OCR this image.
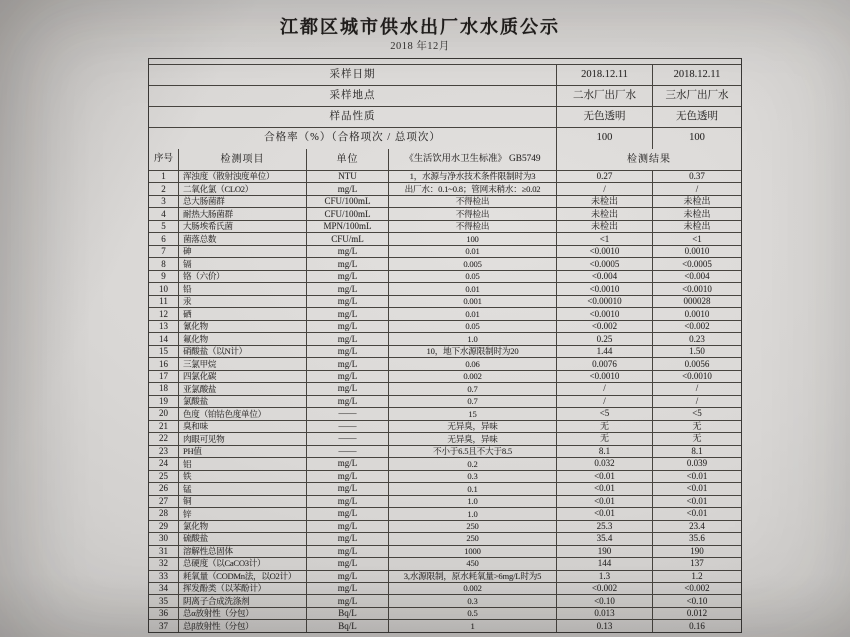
江都区城市供水出厂水水质公示
2018 年12月
采样日期	2018.12.11	2018.12.11
采样地点	二水厂出厂水	三水厂出厂水
样品性质	无色透明	无色透明
合格率（%）（合格项次 / 总项次）	100	100
序号	检测项目	单位	《生活饮用水卫生标准》 GB5749	检测结果
1	浑浊度（散射浊度单位）	NTU	1，水源与净水技术条件限制时为3	0.27	0.37
2	二氧化氯（CLO2）	mg/L	出厂水：0.1~0.8；管网末稍水：≥0.02	/	/
3	总大肠菌群	CFU/100mL	不得检出	未检出	未检出
4	耐热大肠菌群	CFU/100mL	不得检出	未检出	未检出
5	大肠埃希氏菌	MPN/100mL	不得检出	未检出	未检出
6	菌落总数	CFU/mL	100	<1	<1
7	砷	mg/L	0.01	<0.0010	0.0010
8	镉	mg/L	0.005	<0.0005	<0.0005
9	铬（六价）	mg/L	0.05	<0.004	<0.004
10	铅	mg/L	0.01	<0.0010	<0.0010
11	汞	mg/L	0.001	<0.00010	000028
12	硒	mg/L	0.01	<0.0010	0.0010
13	氰化物	mg/L	0.05	<0.002	<0.002
14	氟化物	mg/L	1.0	0.25	0.23
15	硝酸盐（以N计）	mg/L	10，地下水源限制时为20	1.44	1.50
16	三氯甲烷	mg/L	0.06	0.0076	0.0056
17	四氯化碳	mg/L	0.002	<0.0010	<0.0010
18	亚氯酸盐	mg/L	0.7	/	/
19	氯酸盐	mg/L	0.7	/	/
20	色度（铂钴色度单位）	——	15	<5	<5
21	臭和味	——	无异臭，异味	无	无
22	肉眼可见物	——	无异臭，异味	无	无
23	PH值	——	不小于6.5且不大于8.5	8.1	8.1
24	铝	mg/L	0.2	0.032	0.039
25	铁	mg/L	0.3	<0.01	<0.01
26	锰	mg/L	0.1	<0.01	<0.01
27	铜	mg/L	1.0	<0.01	<0.01
28	锌	mg/L	1.0	<0.01	<0.01
29	氯化物	mg/L	250	25.3	23.4
30	硫酸盐	mg/L	250	35.4	35.6
31	溶解性总固体	mg/L	1000	190	190
32	总硬度（以CaCO3计）	mg/L	450	144	137
33	耗氧量（CODMn法，以O2计）	mg/L	3,水源限制，原水耗氧量>6mg/L时为5	1.3	1.2
34	挥发酚类（以苯酚计）	mg/L	0.002	<0.002	<0.002
35	阴离子合成洗涤剂	mg/L	0.3	<0.10	<0.10
36	总α放射性（分包）	Bq/L	0.5	0.013	0.012
37	总β放射性（分包）	Bq/L	1	0.13	0.16
